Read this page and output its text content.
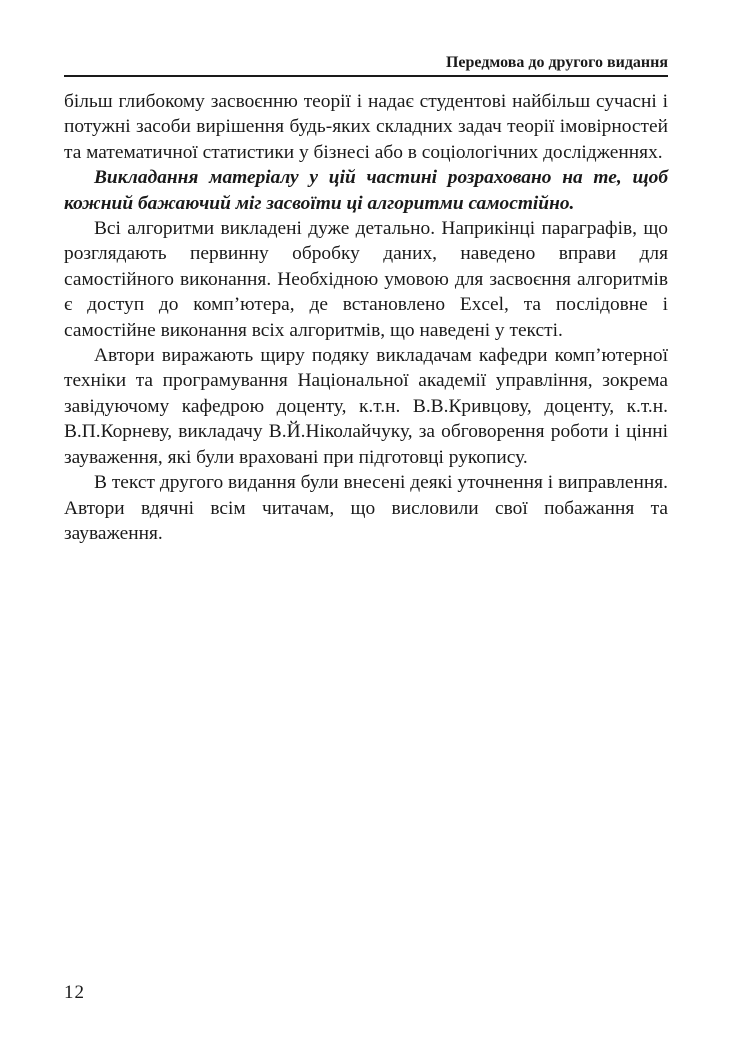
Передмова до другого видання

більш глибокому засвоєнню теорії і надає студентові найбільш сучасні і потужні засоби вирішення будь-яких складних задач теорії імовірностей та математичної статистики у бізнесі або в соціологічних дослідженнях.

Викладання матеріалу у цій частині розраховано на те, щоб кожний бажаючий міг засвоїти ці алгоритми самостійно.

Всі алгоритми викладені дуже детально. Наприкінці параграфів, що розглядають первинну обробку даних, наведено вправи для самостійного виконання. Необхідною умовою для засвоєння алгоритмів є доступ до комп’ютера, де встановлено Excel, та послідовне і самостійне виконання всіх алгоритмів, що наведені у тексті.

Автори виражають щиру подяку викладачам кафедри комп’ютерної техніки та програмування Національної академії управління, зокрема завідуючому кафедрою доценту, к.т.н. В.В.Кривцову, доценту, к.т.н. В.П.Корневу, викладачу В.Й.Ніколайчуку, за обговорення роботи і цінні зауваження, які були враховані при підготовці рукопису.

В текст другого видання були внесені деякі уточнення і виправлення. Автори вдячні всім читачам, що висловили свої побажання та зауваження.

12
